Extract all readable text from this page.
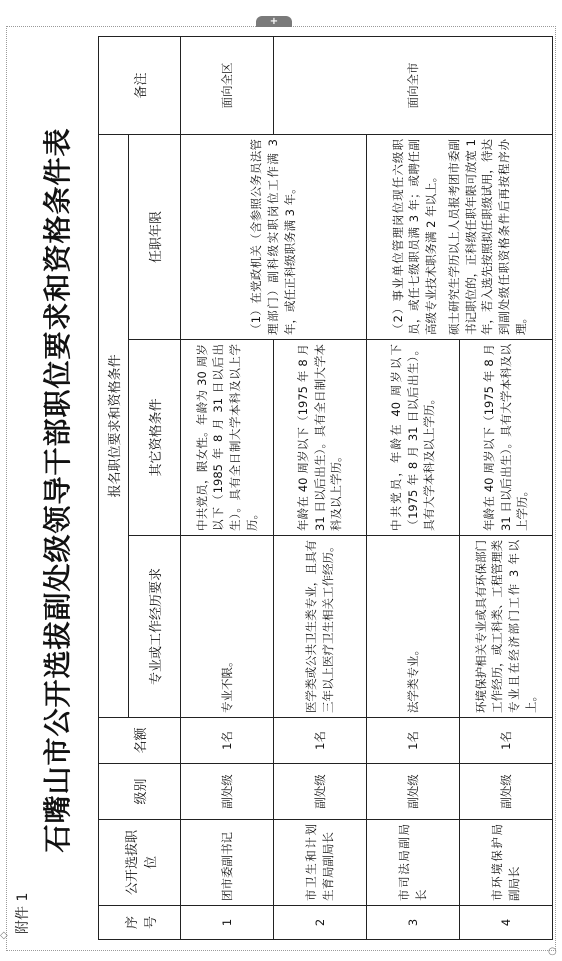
+
◇
○
附件 1
石嘴山市公开选拔副处级领导干部职位要求和资格条件表
序号	公开选拔职位	级别	名额	报名职位要求和资格条件			备注
				专业或工作经历要求	其它资格条件	任职年限	
1	团市委副书记	副处级	1名	专业不限。	中共党员，限女性。年龄为 30 周岁以下（1985 年 8 月 31 日以后出生）。具有全日制大学本科及以上学历。	（1）在党政机关（含参照公务员法管理部门）副科级实职岗位工作满 3 年，或任正科级职务满 3 年。	面向全区
2	市卫生和计划生育局副局长	副处级	1名	医学类或公共卫生类专业，且具有三年以上医疗卫生相关工作经历。	年龄在 40 周岁以下（1975 年 8 月 31 日以后出生）。具有全日制大学本科及以上学历。		面向全市
3	市司法局副局长	副处级	1名	法学类专业。	中共党员，年龄在 40 周岁以下（1975 年 8 月 31 日以后出生）。具有大学本科及以上学历。	（2）事业单位管理岗位现任六级职员，或任七级职员满 3 年；或聘任副高级专业技术职务满 2 年以上。 硕士研究生学历以上人员报考团市委副书记职位的，正科级任职年限可放宽 1 年，若入选先按照拟任职级试用，待达到副处级任职资格条件后再按程序办理。	

4	市环境保护局副局长	副处级	1名	环境保护相关专业或具有环保部门工作经历，或工科类、工程管理类专业且在经济部门工作 3 年以上。	年龄在 40 周岁以下（1975 年 8 月 31 日以后出生）。具有大学本科及以上学历。		
